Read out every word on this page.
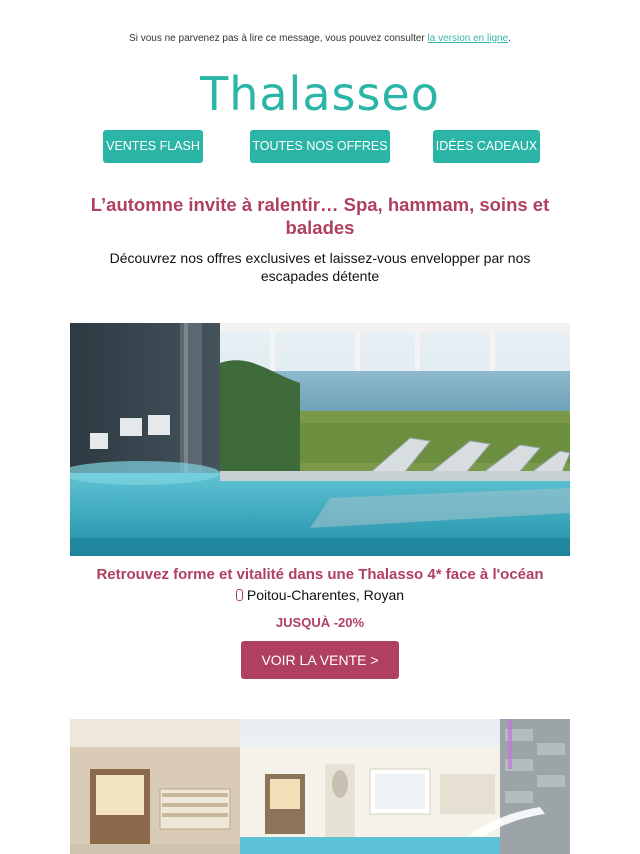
Si vous ne parvenez pas à lire ce message, vous pouvez consulter la version en ligne.
Thalasseo
VENTES FLASH	TOUTES NOS OFFRES	IDÉES CADEAUX
L’automne invite à ralentir… Spa, hammam, soins et balades
Découvrez nos offres exclusives et laissez-vous envelopper par nos escapades détente
Retrouvez forme et vitalité dans une Thalasso 4* face à l'océan
Poitou-Charentes, Royan
JUSQUÀ -20%
VOIR LA VENTE >
